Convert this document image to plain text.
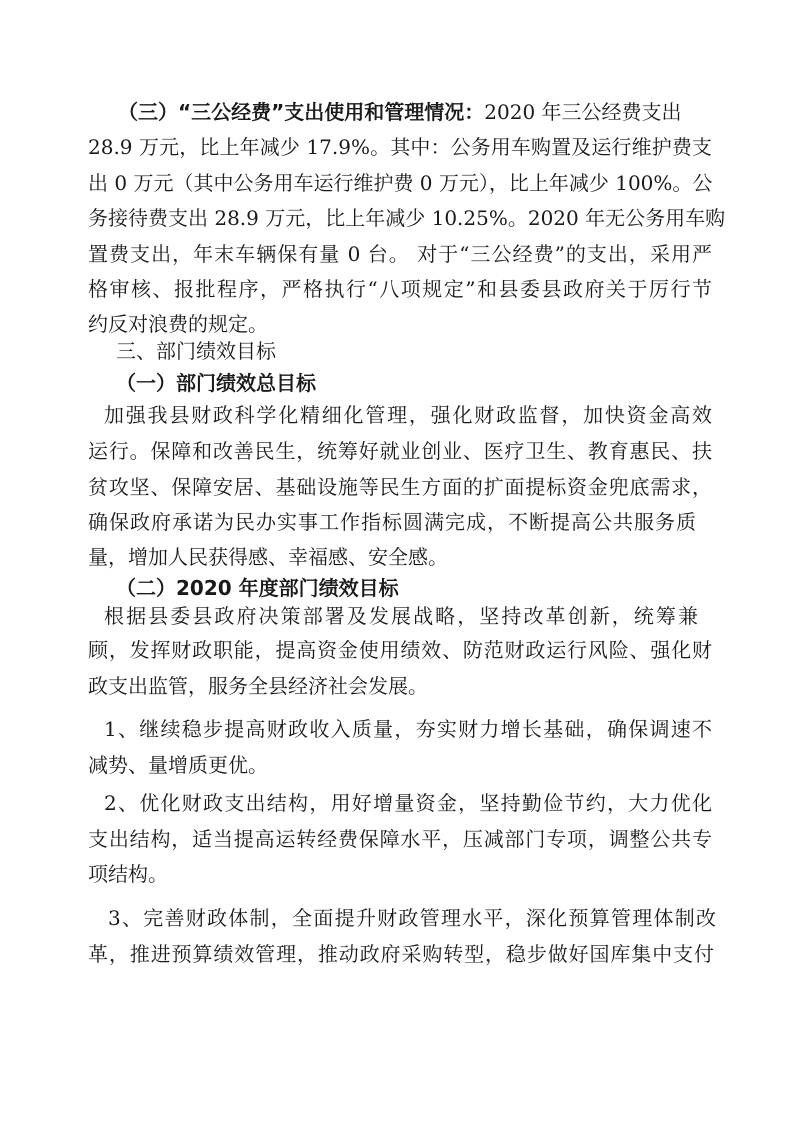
（三）“三公经费”支出使用和管理情况：2020 年三公经费支出
28.9 万元，比上年减少 17.9%。其中：公务用车购置及运行维护费支
出 0 万元（其中公务用车运行维护费 0 万元），比上年减少 100%。公
务接待费支出 28.9 万元，比上年减少 10.25%。2020 年无公务用车购
置费支出，年末车辆保有量 0 台。 对于“三公经费”的支出，采用严
格审核、报批程序，严格执行“八项规定”和县委县政府关于厉行节
约反对浪费的规定。
三、部门绩效目标
（一）部门绩效总目标
加强我县财政科学化精细化管理，强化财政监督，加快资金高效
运行。保障和改善民生，统筹好就业创业、医疗卫生、教育惠民、扶
贫攻坚、保障安居、基础设施等民生方面的扩面提标资金兜底需求，
确保政府承诺为民办实事工作指标圆满完成，不断提高公共服务质
量，增加人民获得感、幸福感、安全感。
（二）2020 年度部门绩效目标
根据县委县政府决策部署及发展战略，坚持改革创新，统筹兼
顾，发挥财政职能，提高资金使用绩效、防范财政运行风险、强化财
政支出监管，服务全县经济社会发展。
1、继续稳步提高财政收入质量，夯实财力增长基础，确保调速不
减势、量增质更优。
2、优化财政支出结构，用好增量资金，坚持勤俭节约，大力优化
支出结构，适当提高运转经费保障水平，压减部门专项，调整公共专
项结构。
3、完善财政体制，全面提升财政管理水平，深化预算管理体制改
革，推进预算绩效管理，推动政府采购转型，稳步做好国库集中支付
